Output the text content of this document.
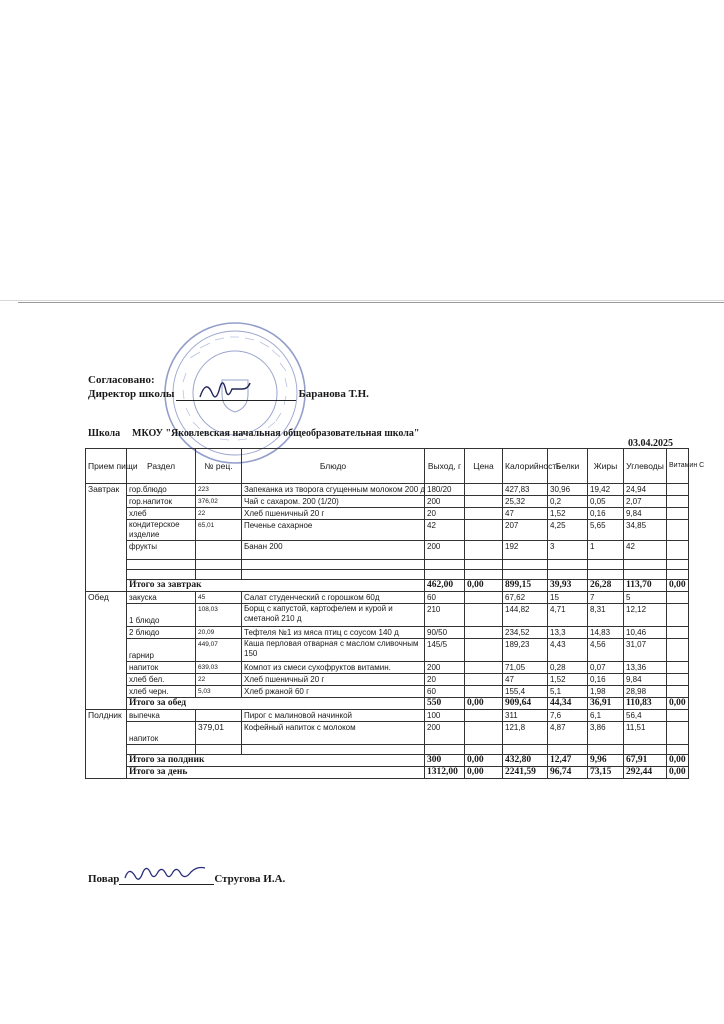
Согласовано:
Директор школы	Баранова Т.Н.
Школа МКОУ "Яковлевская начальная общеобразовательная школа"
03.04.2025
Прием пищи	Раздел	№ рец.	Блюдо	Выход, г	Цена	Калорийность	Белки	Жиры	Углеводы	Витамин С
Завтрак	гор.блюдо	223	Запеканка из творога сгущенным молоком 200 д	180/20		427,83	30,96	19,42	24,94	
	гор.напиток	376,02	Чай с сахаром. 200 (1/20)	200		25,32	0,2	0,05	2,07	
	хлеб	22	Хлеб пшеничный 20 г	20		47	1,52	0,16	9,84	
	кондитерское изделие	65,01	Печенье сахарное	42		207	4,25	5,65	34,85	
	фрукты		Банан 200	200		192	3	1	42	

	Итого за завтрак			462,00	0,00	899,15	39,93	26,28	113,70	0,00
Обед	закуска	45	Салат студенческий с горошком 60д	60		67,62	15	7	5	
	1 блюдо	108,03	Борщ с капустой, картофелем и курой и сметаной 210 д	210		144,82	4,71	8,31	12,12	
	2 блюдо	20,09	Тефтеля №1 из мяса птиц с соусом 140 д	90/50		234,52	13,3	14,83	10,46	
	гарнир	449,07	Каша перловая отварная с маслом сливочным 150	145/5		189,23	4,43	4,56	31,07	
	напиток	639,03	Компот из смеси сухофруктов витамин.	200		71,05	0,28	0,07	13,36	
	хлеб бел.	22	Хлеб пшеничный 20 г	20		47	1,52	0,16	9,84	
	хлеб черн.	5,03	Хлеб ржаной 60 г	60		155,4	5,1	1,98	28,98	
	Итого за обед			550	0,00	909,64	44,34	36,91	110,83	0,00
Полдник	выпечка		Пирог с малиновой начинкой	100		311	7,6	6,1	56,4	
	напиток	379,01	Кофейный напиток с молоком	200		121,8	4,87	3,86	11,51	

	Итого за полдник			300	0,00	432,80	12,47	9,96	67,91	0,00
	Итого за день			1312,00	0,00	2241,59	96,74	73,15	292,44	0,00
Повар	Стругова И.А.
